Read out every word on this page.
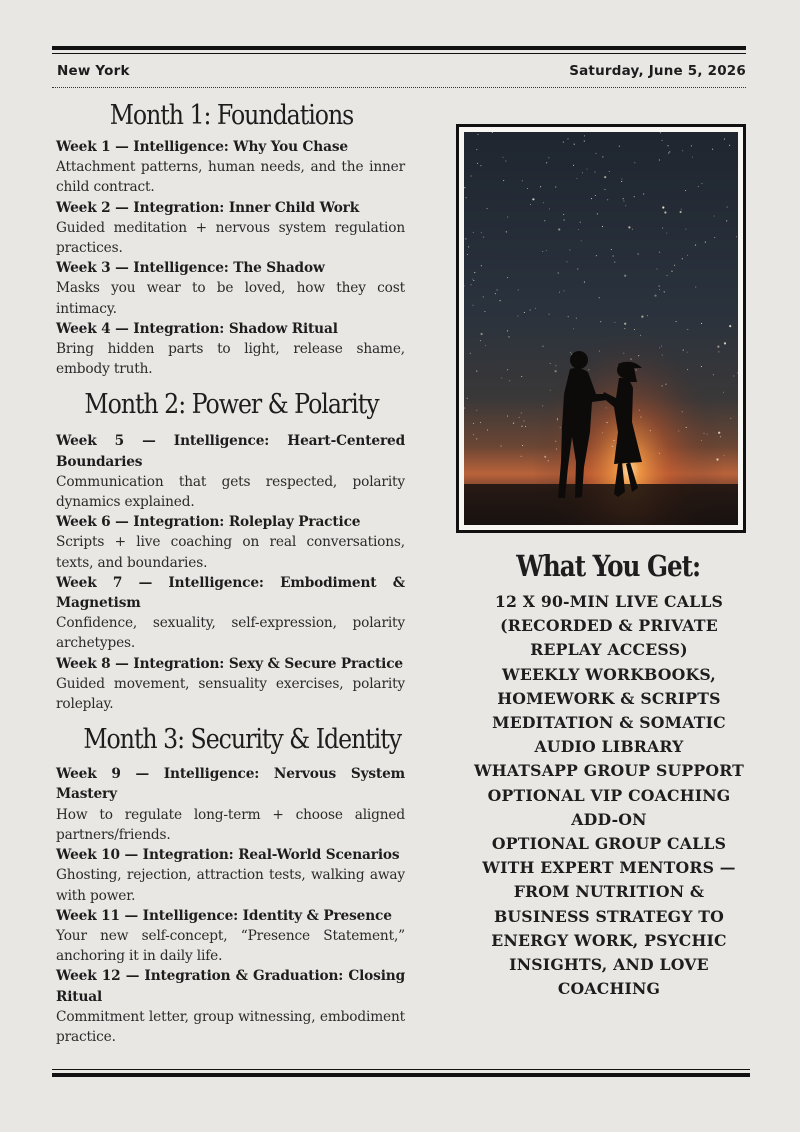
New York	Saturday, June 5, 2026
Month 1: Foundations
Week 1 — Intelligence: Why You Chase
Attachment patterns, human needs, and the inner child contract.
Week 2 — Integration: Inner Child Work
Guided meditation + nervous system regulation practices.
Week 3 — Intelligence: The Shadow
Masks you wear to be loved, how they cost intimacy.
Week 4 — Integration: Shadow Ritual
Bring hidden parts to light, release shame, embody truth.
Month 2: Power & Polarity
Week 5 — Intelligence: Heart-Centered Boundaries
Communication that gets respected, polarity dynamics explained.
Week 6 — Integration: Roleplay Practice
Scripts + live coaching on real conversations, texts, and boundaries.
Week 7 — Intelligence: Embodiment & Magnetism
Confidence, sexuality, self-expression, polarity archetypes.
Week 8 — Integration: Sexy & Secure Practice
Guided movement, sensuality exercises, polarity roleplay.
Month 3: Security & Identity
Week 9 — Intelligence: Nervous System Mastery
How to regulate long-term + choose aligned partners/friends.
Week 10 — Integration: Real-World Scenarios
Ghosting, rejection, attraction tests, walking away with power.
Week 11 — Intelligence: Identity & Presence
Your new self-concept, “Presence Statement,” anchoring it in daily life.
Week 12 — Integration & Graduation: Closing Ritual
Commitment letter, group witnessing, embodiment practice.
What You Get:

12 X 90-MIN LIVE CALLS (RECORDED & PRIVATE REPLAY ACCESS)

WEEKLY WORKBOOKS, HOMEWORK & SCRIPTS

MEDITATION & SOMATIC AUDIO LIBRARY

WHATSAPP GROUP SUPPORT

OPTIONAL VIP COACHING ADD-ON

OPTIONAL GROUP CALLS WITH EXPERT MENTORS — FROM NUTRITION & BUSINESS STRATEGY TO ENERGY WORK, PSYCHIC INSIGHTS, AND LOVE COACHING
